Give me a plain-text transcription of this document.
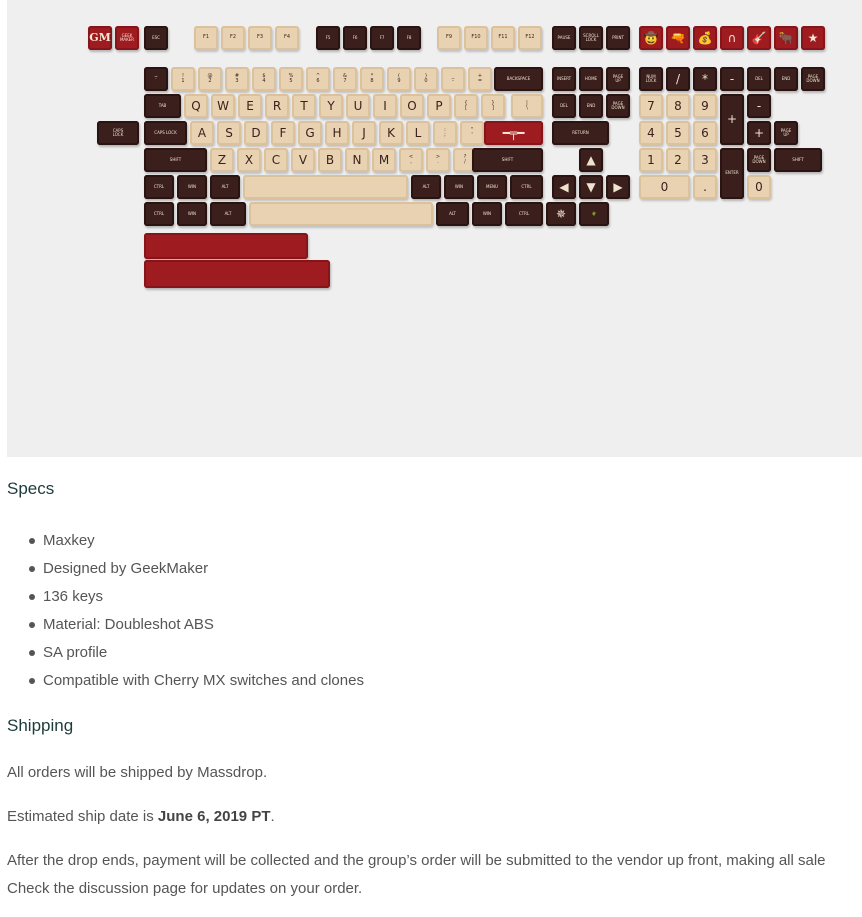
GM	GEEK
MAKER	ESC	F1	F2	F3	F4	F5	F6	F7	F8	F9	F10	F11	F12	PAUSE	SCROLL
LOCK	PRINT	🤠	🔫	💰	∩	🎸	🐂	★
~
`
!
1
@
2
#
3
$
4
%
5
^
6
&
7
*
8
(
9
)
0
_
-
+
=	BACKSPACE	INSERT	HOME	PAGE
UP
NUM
LOCK	/	*	-	DEL	END	PAGE
DOWN
TAB	Q	W	E	R	T	Y	U	I	O	P	{
[
}
]
|
\	DEL	END	PAGE
DOWN	7	8	9
+
-
CAPS
LOCK	CAPS LOCK	A	S	D	F	G	H	J	K	L	:
;
"
'	━╤━	RETURN	4	5	6	+	PAGE
UP
SHIFT	Z	X	C	V	B	N	M	<
,
>
.
?
/	SHIFT	▲	1	2	3
ENTER
PAGE
DOWN	SHIFT
CTRL	WIN	ALT	ALT	WIN	MENU	CTRL	◀	▼	▶	0	.	0
CTRL	WIN	ALT	ALT	WIN	CTRL	✵	🌵
Specs
Maxkey
Designed by GeekMaker
136 keys
Material: Doubleshot ABS
SA profile
Compatible with Cherry MX switches and clones
Shipping

All orders will be shipped by Massdrop.

Estimated ship date is June 6, 2019 PT.

After the drop ends, payment will be collected and the group’s order will be submitted to the vendor up front, making all sale

Check the discussion page for updates on your order.
